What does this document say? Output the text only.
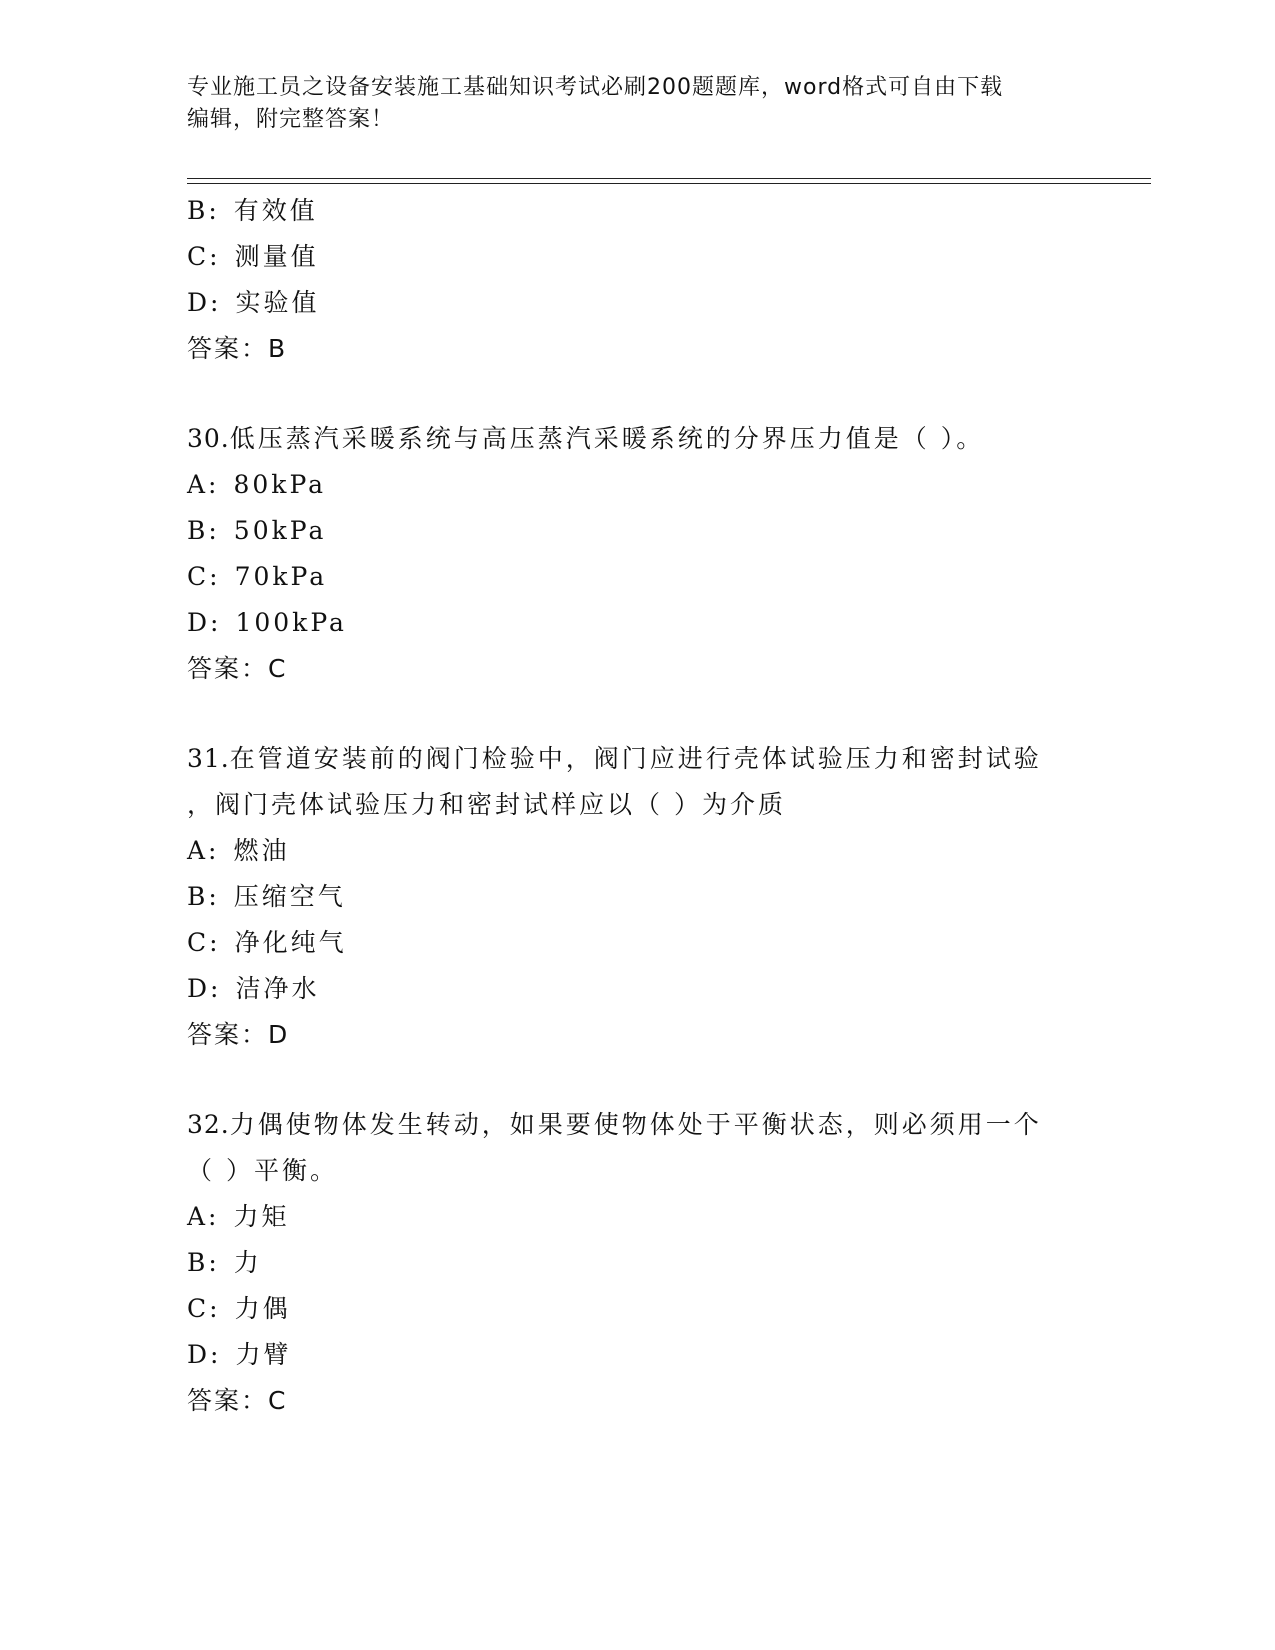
专业施工员之设备安装施工基础知识考试必刷200题题库，word格式可自由下载
编辑，附完整答案！
B: 有效值
C: 测量值
D: 实验值
答案：B
30.低压蒸汽采暖系统与高压蒸汽采暖系统的分界压力值是（ ）。
A: 80kPa
B: 50kPa
C: 70kPa
D: 100kPa
答案：C
31.在管道安装前的阀门检验中，阀门应进行壳体试验压力和密封试验
，阀门壳体试验压力和密封试样应以（ ）为介质
A: 燃油
B: 压缩空气
C: 净化纯气
D: 洁净水
答案：D
32.力偶使物体发生转动，如果要使物体处于平衡状态，则必须用一个
（ ）平衡。
A: 力矩
B: 力
C: 力偶
D: 力臂
答案：C
